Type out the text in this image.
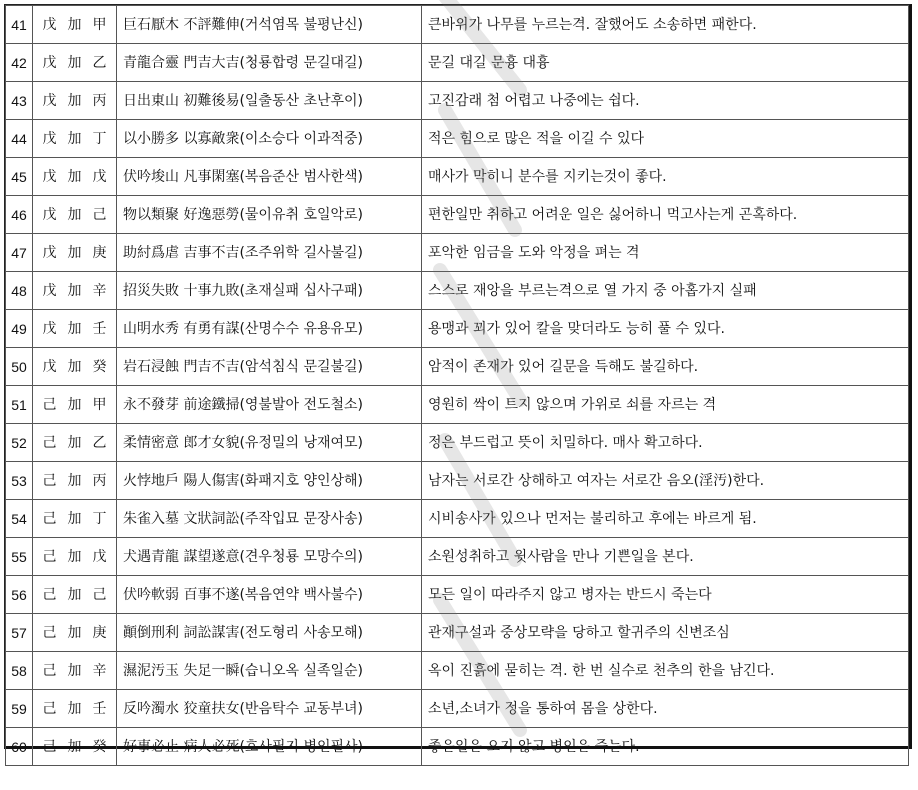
41	戊 加 甲	巨石厭木 不評難伸(거석염목 불평난신)	큰바위가 나무를 누르는격. 잘했어도 소송하면 패한다.
42	戊 加 乙	青龍合靈 門吉大吉(청룡합령 문길대길)	문길 대길 문흉 대흉
43	戊 加 丙	日出東山 初難後易(일출동산 초난후이)	고진감래 첨 어렵고 나중에는 쉽다.
44	戊 加 丁	以小勝多 以寡敵衆(이소승다 이과적중)	적은 힘으로 많은 적을 이길 수 있다
45	戊 加 戊	伏吟埈山 凡事閑塞(복음준산 범사한색)	매사가 막히니 분수를 지키는것이 좋다.
46	戊 加 己	物以類聚 好逸惡勞(물이유취 호일악로)	편한일만 취하고 어려운 일은 싫어하니 먹고사는게 곤혹하다.
47	戊 加 庚	助紂爲虐 吉事不吉(조주위학 길사불길)	포악한 임금을 도와 악정을 펴는 격
48	戊 加 辛	招災失敗 十事九敗(초재실패 십사구패)	스스로 재앙을 부르는격으로 열 가지 중 아홉가지 실패
49	戊 加 壬	山明水秀 有勇有謀(산명수수 유용유모)	용맹과 꾀가 있어 칼을 맞더라도 능히 풀 수 있다.
50	戊 加 癸	岩石浸蝕 門吉不吉(암석침식 문길불길)	암적이 존재가 있어 길문을 득해도 불길하다.
51	己 加 甲	永不發芽 前途鐵掃(영불발아 전도철소)	영원히 싹이 트지 않으며 가위로 쇠를 자르는 격
52	己 加 乙	柔情密意 郎才女貌(유정밀의 낭재여모)	정은 부드럽고 뜻이 치밀하다. 매사 확고하다.
53	己 加 丙	火悖地戶 陽人傷害(화패지호 양인상해)	남자는 서로간 상해하고 여자는 서로간 음오(淫汚)한다.
54	己 加 丁	朱雀入墓 文狀詞訟(주작입묘 문장사송)	시비송사가 있으나 먼저는 불리하고 후에는 바르게 됨.
55	己 加 戊	犬遇青龍 謀望遂意(견우청룡 모망수의)	소원성취하고 윗사람을 만나 기쁜일을 본다.
56	己 加 己	伏吟軟弱 百事不遂(복음연약 백사불수)	모든 일이 따라주지 않고 병자는 반드시 죽는다
57	己 加 庚	顚倒刑利 詞訟謀害(전도형리 사송모해)	관재구설과 중상모략을 당하고 할귀주의 신변조심
58	己 加 辛	濕泥汚玉 失足一瞬(습니오옥 실족일순)	옥이 진흙에 묻히는 격. 한 번 실수로 천추의 한을 남긴다.
59	己 加 壬	反吟濁水 狡童扶女(반음탁수 교동부녀)	소년,소녀가 정을 통하여 몸을 상한다.
60	己 加 癸	好事必止 病人必死(호사필지 병인필사)	좋은일은 오지 않고 병인은 죽는다.
